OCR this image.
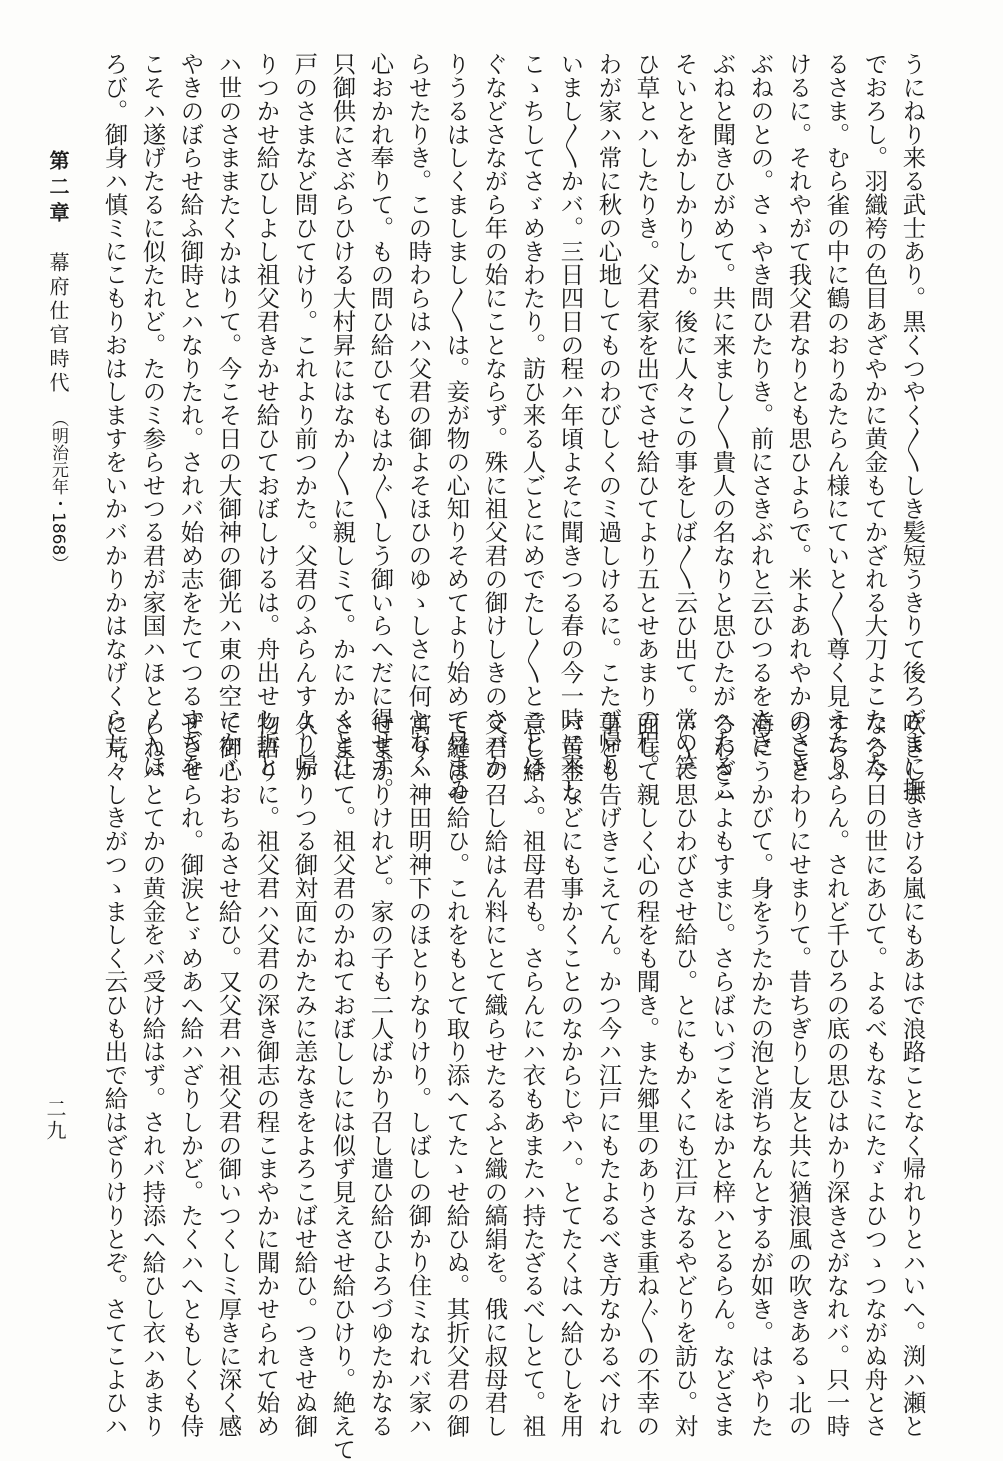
第二章幕府仕官時代（明治元年・1868）
二九
うにねり来る武士あり。黒くつやく〱しき髪短うきりて後ろざまに撫
でおろし。羽織袴の色目あざやかに黄金もてかざれる大刀よこたへた
るさま。むら雀の中に鶴のおりゐたらん様にていと〱尊く見えたり
けるに。それやがて我父君なりとも思ひよらで。米よあれやかのさき
ぶねのとの。さゝやき問ひたりき。前にさきぶれと云ひつるをさき
ぶねと聞きひがめて。共に来まし〱貴人の名なりと思ひたがへたるこ
そいとをかしかりしか。後に人々この事をしば〱云ひ出て。常の笑
ひ草とハしたりき。父君家を出でさせ給ひてより五とせあまりの程。
わが家ハ常に秋の心地してものわびしくのミ過しけるに。こたび帰り
いまし〱かバ。三日四日の程ハ年頃よそに聞きつる春の今一時に来し
こゝちしてさゞめきわたり。訪ひ来る人ごとにめでたし〱とことほ
ぐなどさながら年の始にことならず。殊に祖父君の御けしきのさバか
りうるはしくましまし〱は。妾が物の心知りそめてより始めて見まゐ
らせたりき。この時わらはハ父君の御よそほひのゆゝしさに何となく
心おかれ奉りて。もの問ひ給ひてもはか〴〵しう御いらへだに得せず。
只御供にさぶらひける大村昇にはなか〱に親しミて。かにかくと江
戸のさまなど問ひてけり。これより前つかた。父君のふらんすより帰
りつかせ給ひしよし祖父君きかせ給ひておぼしけるは。舟出せし折と
ハ世のさままたくかはりて。今こそ日の大御神の御光ハ東の空にかゞ
やきのぼらせ給ふ御時とハなりたれ。されバ始め志をたてつるすぢを
こそハ遂げたるに似たれど。たのミ参らせつる君が家国ハほと〱ほ
ろび。御身ハ慎ミにこもりおはしますをいかバかりかはなげくらし。
吹きしまきける嵐にもあはで浪路ことなく帰れりとハいへ。渕ハ瀬と
なる今日の世にあひて。よるべもなミにたゞよひつゝつながぬ舟とさ
すらふらん。されど千ひろの底の思ひはかり深きさがなれバ。只一時
のことわりにせまりて。昔ちぎりし友と共に猶浪風の吹きあるゝ北の
海にうかびて。身をうたかたの泡と消ちなんとするが如き。はやりた
るわざハよもすまじ。さらばいづこをはかと梓ハとるらん。などさま
〴〵に思ひわびさせ給ひ。とにもかくにも江戸なるやどりを訪ひ。対
面して親しく心の程をも聞き。また郷里のありさま重ね〴〵の不幸の
事ども告げきこえてん。かつ今ハ江戸にもたよるべき方なかるべけれ
バ黄金などにも事かくことのなからじやハ。とてたくはへ給ひしを用
意し給ふ。祖母君も。さらんにハ衣もあまたハ持たざるべしとて。祖
父君の召し給はん料にとて織らせたるふと織の縞絹を。俄に叔母君し
て縫はせ給ひ。これをもとて取り添へてたゝせ給ひぬ。其折父君の御
寓りハ神田明神下のほとりなりけり。しばしの御かり住ミなれバ家ハ
せまかりけれど。家の子も二人ばかり召し遣ひ給ひよろづゆたかなる
さまにて。祖父君のかねておぼししには似ず見えさせ給ひけり。絶えて
久しかりつる御対面にかたみに恙なきをよろこばせ給ひ。つきせぬ御
物語りに。祖父君ハ父君の深き御志の程こまやかに聞かせられて始め
て御心おちゐさせ給ひ。又父君ハ祖父君の御いつくしミ厚きに深く感
ぜさせられ。御涙とゞめあへ給ハざりしかど。たくハへともしくも侍
らねバとてかの黄金をバ受け給はず。されバ持添へ給ひし衣ハあまり
に荒々しきがつゝましく云ひも出で給はざりけりとぞ。さてこよひハ
